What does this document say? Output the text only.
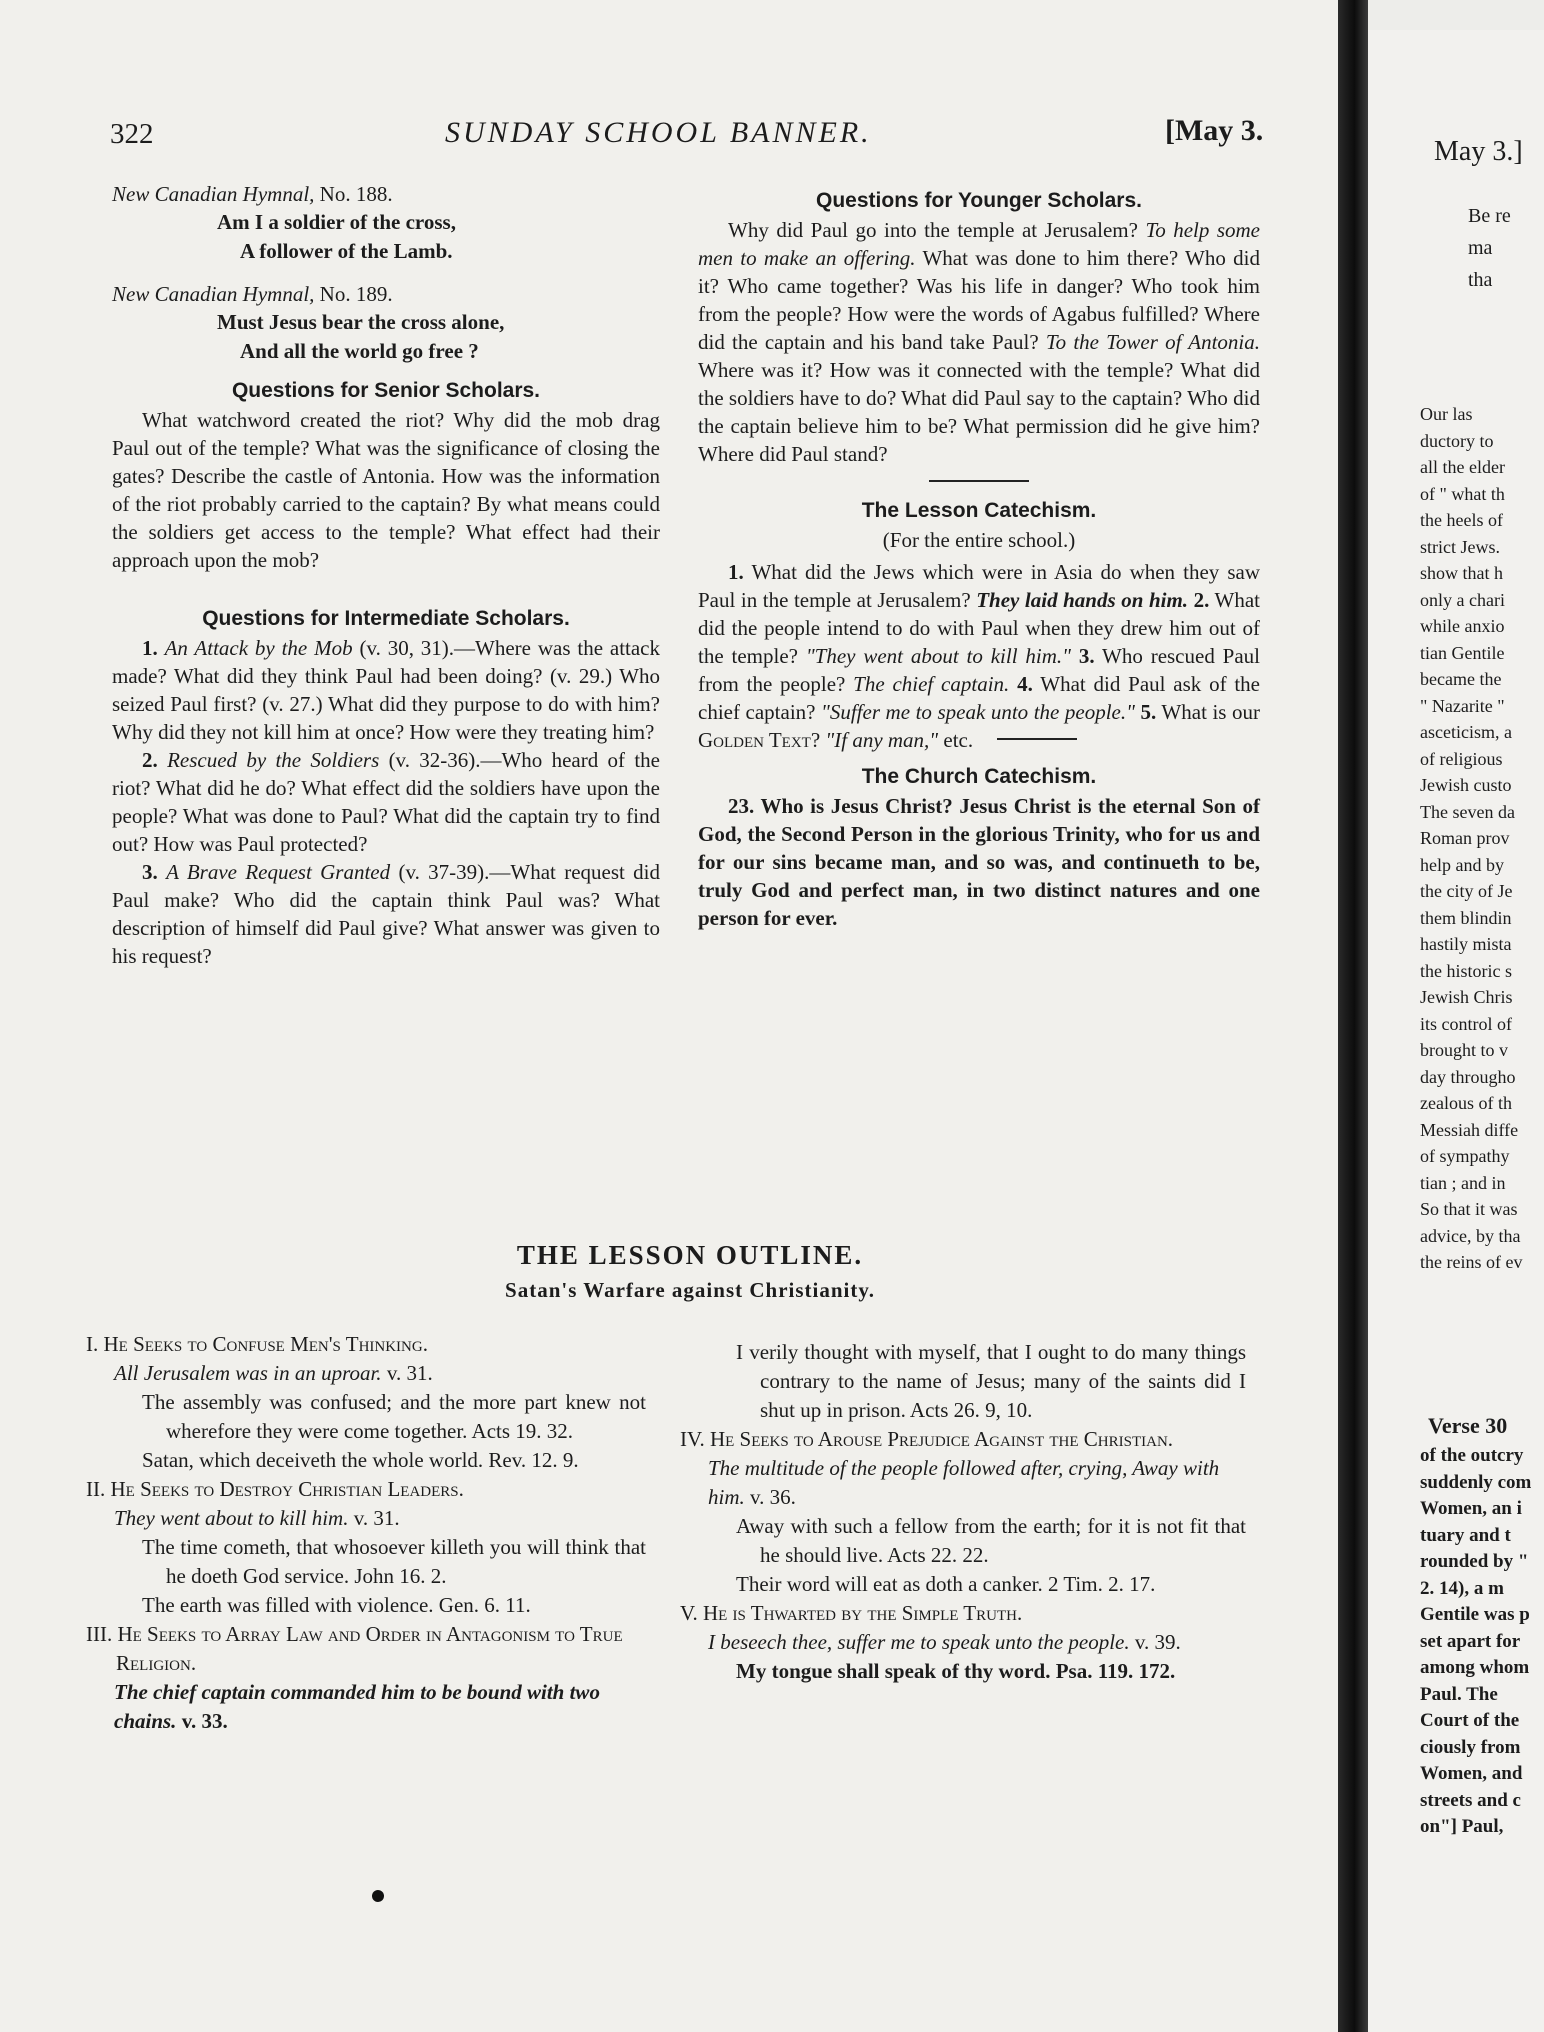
322	SUNDAY SCHOOL BANNER.	[May 3.

New Canadian Hymnal, No. 188.

Am I a soldier of the cross,
A follower of the Lamb.

New Canadian Hymnal, No. 189.

Must Jesus bear the cross alone,
And all the world go free ?
Questions for Senior Scholars.

What watchword created the riot? Why did the mob drag Paul out of the temple? What was the significance of closing the gates? Describe the castle of Antonia. How was the information of the riot probably carried to the captain? By what means could the soldiers get access to the temple? What effect had their approach upon the mob?

Questions for Intermediate Scholars.

1. An Attack by the Mob (v. 30, 31).—Where was the attack made? What did they think Paul had been doing? (v. 29.) Who seized Paul first? (v. 27.) What did they purpose to do with him? Why did they not kill him at once? How were they treating him?

2. Rescued by the Soldiers (v. 32-36).—Who heard of the riot? What did he do? What effect did the soldiers have upon the people? What was done to Paul? What did the captain try to find out? How was Paul protected?

3. A Brave Request Granted (v. 37-39).—What request did Paul make? Who did the captain think Paul was? What description of himself did Paul give? What answer was given to his request?

Questions for Younger Scholars.

Why did Paul go into the temple at Jerusalem? To help some men to make an offering. What was done to him there? Who did it? Who came together? Was his life in danger? Who took him from the people? How were the words of Agabus fulfilled? Where did the captain and his band take Paul? To the Tower of Antonia. Where was it? How was it connected with the temple? What did the soldiers have to do? What did Paul say to the captain? Who did the captain believe him to be? What permission did he give him? Where did Paul stand?

The Lesson Catechism.
(For the entire school.)

1. What did the Jews which were in Asia do when they saw Paul in the temple at Jerusalem? They laid hands on him. 2. What did the people intend to do with Paul when they drew him out of the temple? "They went about to kill him." 3. Who rescued Paul from the people? The chief captain. 4. What did Paul ask of the chief captain? "Suffer me to speak unto the people." 5. What is our Golden Text? "If any man," etc.

The Church Catechism.

23. Who is Jesus Christ? Jesus Christ is the eternal Son of God, the Second Person in the glorious Trinity, who for us and for our sins became man, and so was, and continueth to be, truly God and perfect man, in two distinct natures and one person for ever.

THE LESSON OUTLINE.
Satan's Warfare against Christianity.

I. He Seeks to Confuse Men's Thinking.

All Jerusalem was in an uproar. v. 31.

The assembly was confused; and the more part knew not wherefore they were come together. Acts 19. 32.

Satan, which deceiveth the whole world. Rev. 12. 9.

II. He Seeks to Destroy Christian Leaders.

They went about to kill him. v. 31.

The time cometh, that whosoever killeth you will think that he doeth God service. John 16. 2.

The earth was filled with violence. Gen. 6. 11.

III. He Seeks to Array Law and Order in Antagonism to True Religion.

The chief captain commanded him to be bound with two chains. v. 33.

I verily thought with myself, that I ought to do many things contrary to the name of Jesus; many of the saints did I shut up in prison. Acts 26. 9, 10.

IV. He Seeks to Arouse Prejudice Against the Christian.

The multitude of the people followed after, crying, Away with him. v. 36.

Away with such a fellow from the earth; for it is not fit that he should live. Acts 22. 22.

Their word will eat as doth a canker. 2 Tim. 2. 17.

V. He is Thwarted by the Simple Truth.

I beseech thee, suffer me to speak unto the people. v. 39.

My tongue shall speak of thy word. Psa. 119. 172.

May 3.]
Be re
ma
tha
Our las
ductory to
all the elder
of " what th
the heels of
strict Jews.
show that h
only a chari
while anxio
tian Gentile
became the
" Nazarite "
asceticism, a
of religious
Jewish custo
The seven da
Roman prov
help and by
the city of Je
them blindin
hastily mista
the historic s
Jewish Chris
its control of
brought to v
day througho
zealous of th
Messiah diffe
of sympathy
tian ; and in
So that it was
advice, by tha
the reins of ev
Verse 30
of the outcry
suddenly com
Women, an i
tuary and t
rounded by "
2. 14), a m
Gentile was p
set apart for
among whom
Paul. The
Court of the
ciously from
Women, and
streets and c
on"] Paul,
